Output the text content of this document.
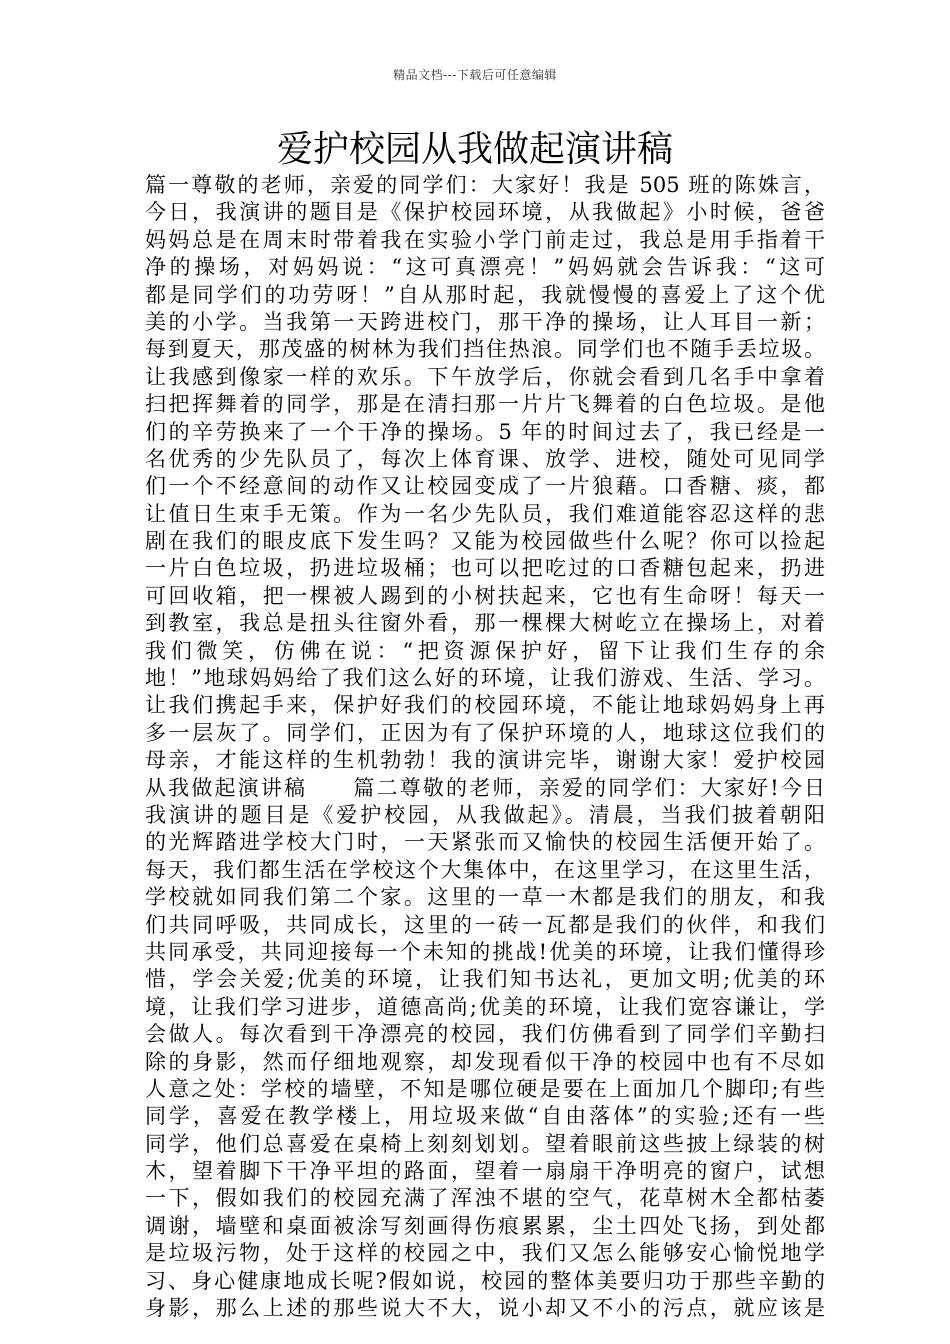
精品文档---下载后可任意编辑
爱护校园从我做起演讲稿
篇一尊敬的老师，亲爱的同学们：大家好！我是 505 班的陈姝言，
今日，我演讲的题目是《保护校园环境，从我做起》小时候，爸爸
妈妈总是在周末时带着我在实验小学门前走过，我总是用手指着干
净的操场，对妈妈说：“这可真漂亮！”妈妈就会告诉我：“这可
都是同学们的功劳呀！”自从那时起，我就慢慢的喜爱上了这个优
美的小学。当我第一天跨进校门，那干净的操场，让人耳目一新；
每到夏天，那茂盛的树林为我们挡住热浪。同学们也不随手丢垃圾。
让我感到像家一样的欢乐。下午放学后，你就会看到几名手中拿着
扫把挥舞着的同学，那是在清扫那一片片飞舞着的白色垃圾。是他
们的辛劳换来了一个干净的操场。5 年的时间过去了，我已经是一
名优秀的少先队员了，每次上体育课、放学、进校，随处可见同学
们一个不经意间的动作又让校园变成了一片狼藉。口香糖、痰，都
让值日生束手无策。作为一名少先队员，我们难道能容忍这样的悲
剧在我们的眼皮底下发生吗？又能为校园做些什么呢？你可以捡起
一片白色垃圾，扔进垃圾桶；也可以把吃过的口香糖包起来，扔进
可回收箱，把一棵被人踢到的小树扶起来，它也有生命呀！每天一
到教室，我总是扭头往窗外看，那一棵棵大树屹立在操场上，对着
我们微笑，仿佛在说：“把资源保护好，留下让我们生存的余
地！”地球妈妈给了我们这么好的环境，让我们游戏、生活、学习。
让我们携起手来，保护好我们的校园环境，不能让地球妈妈身上再
多一层灰了。同学们，正因为有了保护环境的人，地球这位我们的
母亲，才能这样的生机勃勃！我的演讲完毕，谢谢大家！爱护校园
从我做起演讲稿　　篇二尊敬的老师，亲爱的同学们：大家好!今日
我演讲的题目是《爱护校园，从我做起》。清晨，当我们披着朝阳
的光辉踏进学校大门时，一天紧张而又愉快的校园生活便开始了。
每天，我们都生活在学校这个大集体中，在这里学习，在这里生活，
学校就如同我们第二个家。这里的一草一木都是我们的朋友，和我
们共同呼吸，共同成长，这里的一砖一瓦都是我们的伙伴，和我们
共同承受，共同迎接每一个未知的挑战!优美的环境，让我们懂得珍
惜，学会关爱;优美的环境，让我们知书达礼，更加文明;优美的环
境，让我们学习进步，道德高尚;优美的环境，让我们宽容谦让，学
会做人。每次看到干净漂亮的校园，我们仿佛看到了同学们辛勤扫
除的身影，然而仔细地观察，却发现看似干净的校园中也有不尽如
人意之处：学校的墙壁，不知是哪位硬是要在上面加几个脚印;有些
同学，喜爱在教学楼上，用垃圾来做“自由落体”的实验;还有一些
同学，他们总喜爱在桌椅上刻刻划划。望着眼前这些披上绿装的树
木，望着脚下干净平坦的路面，望着一扇扇干净明亮的窗户，试想
一下，假如我们的校园充满了浑浊不堪的空气，花草树木全都枯萎
调谢，墙壁和桌面被涂写刻画得伤痕累累，尘土四处飞扬，到处都
是垃圾污物，处于这样的校园之中，我们又怎么能够安心愉悦地学
习、身心健康地成长呢?假如说，校园的整体美要归功于那些辛勤的
身影，那么上述的那些说大不大，说小却又不小的污点，就应该是
